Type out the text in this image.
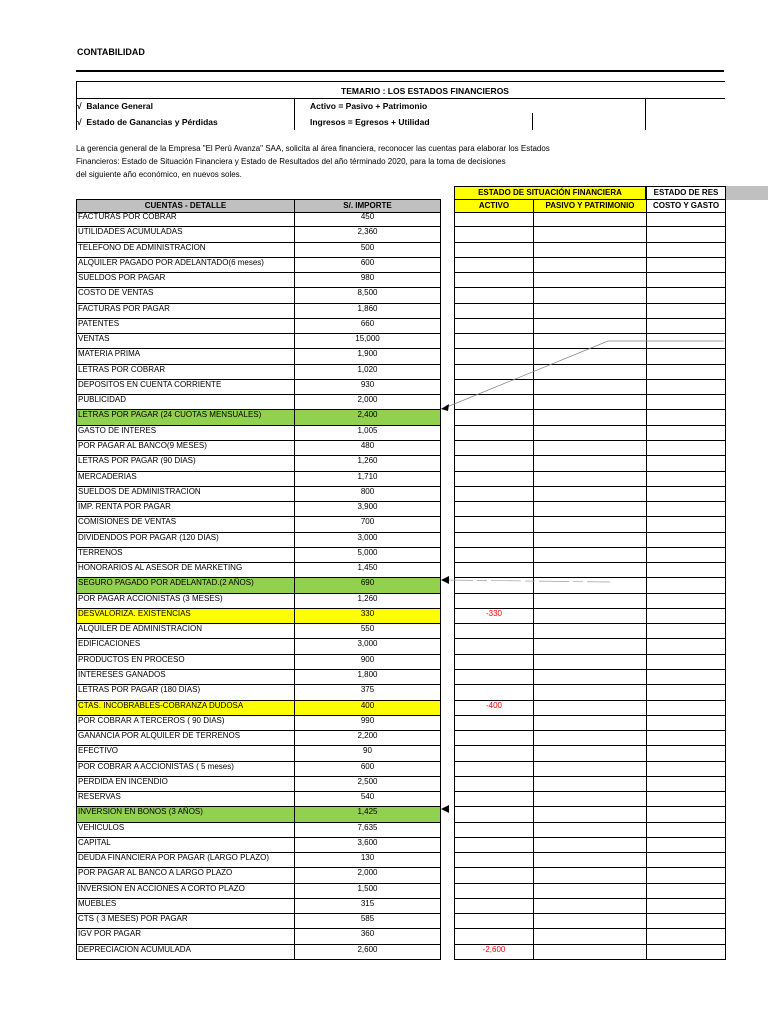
CONTABILIDAD
TEMARIO : LOS ESTADOS FINANCIEROS
√ Balance General	Activo = Pasivo + Patrimonio
√ Estado de Ganancias y Pérdidas	Ingresos = Egresos + Utilidad
La gerencia general de la Empresa "El Perú Avanza" SAA, solicita al área financiera, reconocer las cuentas para elaborar los Estados
Financieros: Estado de Situación Financiera y Estado de Resultados del año términado 2020, para la toma de decisiones
del siguiente año económico, en nuevos soles.
ESTADO DE SITUACIÓN FINANCIERA	ESTADO DE RES
CUENTAS - DETALLE	S/. IMPORTE	ACTIVO	PASIVO Y PATRIMONIO	COSTO Y GASTO
FACTURAS POR COBRAR	450
UTILIDADES ACUMULADAS	2,360
TELEFONO DE ADMINISTRACION	500
ALQUILER PAGADO POR ADELANTADO(6 meses)	600
SUELDOS POR PAGAR	980
COSTO DE VENTAS	8,500
FACTURAS POR PAGAR	1,860
PATENTES	660
VENTAS	15,000
MATERIA PRIMA	1,900
LETRAS POR COBRAR	1,020
DEPOSITOS EN CUENTA CORRIENTE	930
PUBLICIDAD	2,000
LETRAS POR PAGAR (24 CUOTAS MENSUALES)	2,400
GASTO DE INTERES	1,005
POR PAGAR AL BANCO(9 MESES)	480
LETRAS POR PAGAR (90 DIAS)	1,260
MERCADERIAS	1,710
SUELDOS DE ADMINISTRACION	800
IMP. RENTA POR PAGAR	3,900
COMISIONES DE VENTAS	700
DIVIDENDOS POR PAGAR (120 DIAS)	3,000
TERRENOS	5,000
HONORARIOS AL ASESOR DE MARKETING	1,450
SEGURO PAGADO POR ADELANTAD.(2 AÑOS)	690
POR PAGAR ACCIONISTAS (3 MESES)	1,260
DESVALORIZA. EXISTENCIAS	330	-330
ALQUILER DE ADMINISTRACION	550
EDIFICACIONES	3,000
PRODUCTOS EN PROCESO	900
INTERESES GANADOS	1,800
LETRAS POR PAGAR (180 DIAS)	375
CTAS. INCOBRABLES-COBRANZA DUDOSA	400	-400
POR COBRAR A TERCEROS ( 90 DIAS)	990
GANANCIA POR ALQUILER DE TERRENOS	2,200
EFECTIVO	90
POR COBRAR A ACCIONISTAS ( 5 meses)	600
PERDIDA EN INCENDIO	2,500
RESERVAS	540
INVERSION EN BONOS (3 AÑOS)	1,425
VEHICULOS	7,635
CAPITAL	3,600
DEUDA FINANCIERA POR PAGAR (LARGO PLAZO)	130
POR PAGAR AL BANCO A LARGO PLAZO	2,000
INVERSION EN ACCIONES A CORTO PLAZO	1,500
MUEBLES	315
CTS ( 3 MESES) POR PAGAR	585
IGV POR PAGAR	360
DEPRECIACION ACUMULADA	2,600	-2,600
